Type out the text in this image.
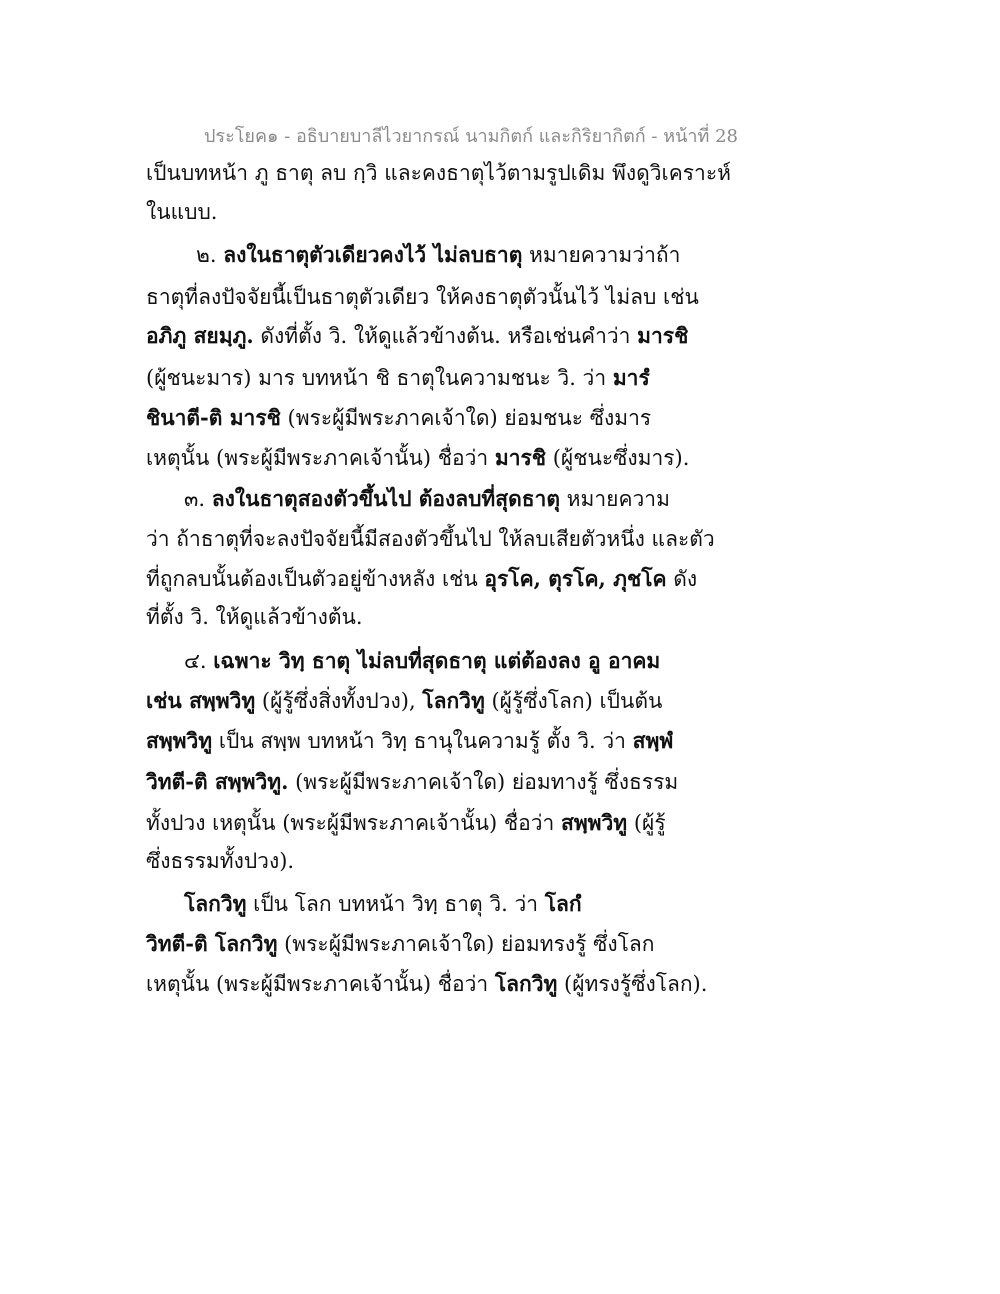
ประโยค๑ - อธิบายบาลีไวยากรณ์ นามกิตก์ และกิริยากิตก์ - หน้าที่ 28
เป็นบทหน้า ภู ธาตุ ลบ กฺวิ และคงธาตุไว้ตามรูปเดิม พึงดูวิเคราะห์
ในแบบ.
๒. ลงในธาตุตัวเดียวคงไว้ ไม่ลบธาตุ หมายความว่าถ้า
ธาตุที่ลงปัจจัยนี้เป็นธาตุตัวเดียว ให้คงธาตุตัวนั้นไว้ ไม่ลบ เช่น
อภิภู สยมฺภู. ดังที่ตั้ง วิ. ให้ดูแล้วข้างต้น. หรือเช่นคำว่า มารชิ
(ผู้ชนะมาร) มาร บทหน้า ชิ ธาตุในความชนะ วิ. ว่า มารํ
ชินาตี-ติ มารชิ (พระผู้มีพระภาคเจ้าใด) ย่อมชนะ ซึ่งมาร
เหตุนั้น (พระผู้มีพระภาคเจ้านั้น) ชื่อว่า มารชิ (ผู้ชนะซึ่งมาร).
๓. ลงในธาตุสองตัวขึ้นไป ต้องลบที่สุดธาตุ หมายความ
ว่า ถ้าธาตุที่จะลงปัจจัยนี้มีสองตัวขึ้นไป ให้ลบเสียตัวหนึ่ง และตัว
ที่ถูกลบนั้นต้องเป็นตัวอยู่ข้างหลัง เช่น อุรโค, ตุรโค, ภุชโค ดัง
ที่ตั้ง วิ. ให้ดูแล้วข้างต้น.
๔. เฉพาะ วิทฺ ธาตุ ไม่ลบที่สุดธาตุ แต่ต้องลง อู อาคม
เช่น สพฺพวิทู (ผู้รู้ซึ่งสิ่งทั้งปวง), โลกวิทู (ผู้รู้ซึ่งโลก) เป็นต้น
สพฺพวิทู เป็น สพฺพ บทหน้า วิทฺ ธานุในความรู้ ตั้ง วิ. ว่า สพฺพํ
วิทตี-ติ สพฺพวิทู. (พระผู้มีพระภาคเจ้าใด) ย่อมทางรู้ ซึ่งธรรม
ทั้งปวง เหตุนั้น (พระผู้มีพระภาคเจ้านั้น) ชื่อว่า สพฺพวิทู (ผู้รู้
ซึ่งธรรมทั้งปวง).
โลกวิทู เป็น โลก บทหน้า วิทฺ ธาตุ วิ. ว่า โลกํ
วิทตี-ติ โลกวิทู (พระผู้มีพระภาคเจ้าใด) ย่อมทรงรู้ ซึ่งโลก
เหตุนั้น (พระผู้มีพระภาคเจ้านั้น) ชื่อว่า โลกวิทู (ผู้ทรงรู้ซึ่งโลก).
